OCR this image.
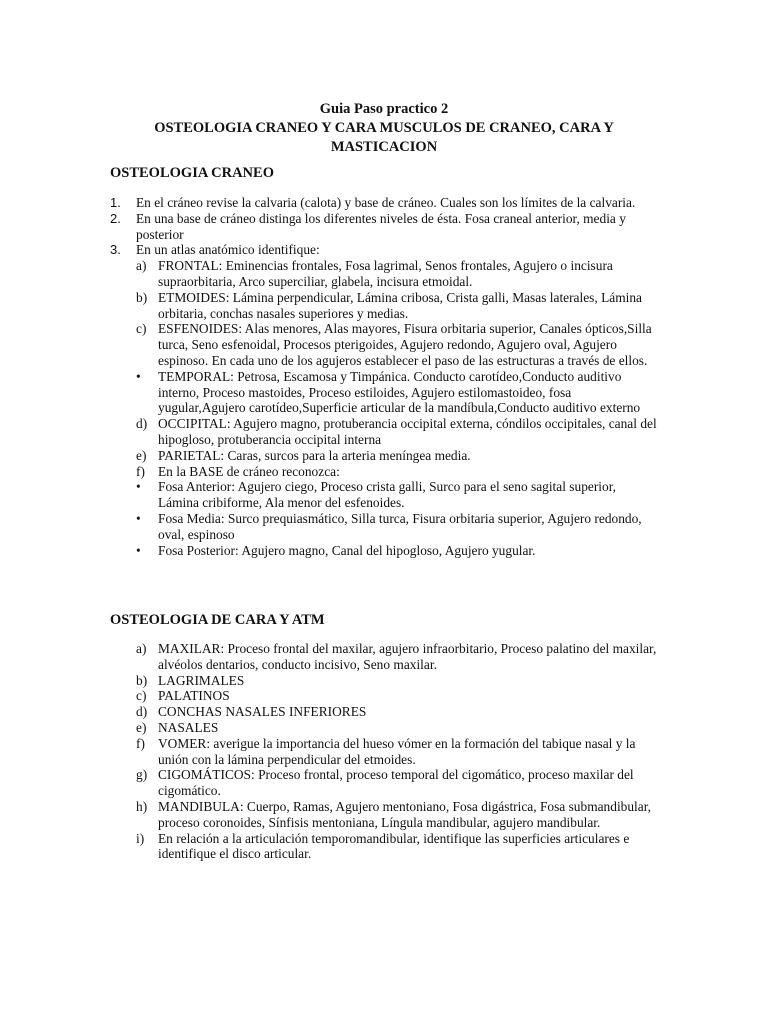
Guia Paso practico 2
OSTEOLOGIA CRANEO Y CARA MUSCULOS DE CRANEO, CARA Y
MASTICACION
OSTEOLOGIA CRANEO
1. En el cráneo revise la calvaria (calota) y base de cráneo. Cuales son los límites de la calvaria.
2. En una base de cráneo distinga los diferentes niveles de ésta. Fosa craneal anterior, media y posterior
3. En un atlas anatómico identifique:
a) FRONTAL: Eminencias frontales, Fosa lagrimal, Senos frontales, Agujero o incisura supraorbitaria, Arco superciliar, glabela, incisura etmoidal.
b) ETMOIDES: Lámina perpendicular, Lámina cribosa, Crista galli, Masas laterales, Lámina orbitaria, conchas nasales superiores y medias.
c) ESFENOIDES: Alas menores, Alas mayores, Fisura orbitaria superior, Canales ópticos,Silla turca, Seno esfenoidal, Procesos pterigoides, Agujero redondo, Agujero oval, Agujero espinoso. En cada uno de los agujeros establecer el paso de las estructuras a través de ellos.
• TEMPORAL: Petrosa, Escamosa y Timpánica. Conducto carotídeo,Conducto auditivo interno, Proceso mastoides, Proceso estiloides, Agujero estilomastoideo, fosa yugular,Agujero carotídeo,Superficie articular de la mandíbula,Conducto auditivo externo
d) OCCIPITAL: Agujero magno, protuberancia occipital externa, cóndilos occipitales, canal del hipogloso, protuberancia occipital interna
e) PARIETAL: Caras, surcos para la arteria meníngea media.
f) En la BASE de cráneo reconozca:
• Fosa Anterior: Agujero ciego, Proceso crista galli, Surco para el seno sagital superior, Lámina cribiforme, Ala menor del esfenoides.
• Fosa Media: Surco prequiasmático, Silla turca, Fisura orbitaria superior, Agujero redondo, oval, espinoso
• Fosa Posterior: Agujero magno, Canal del hipogloso, Agujero yugular.
OSTEOLOGIA DE CARA Y ATM
a) MAXILAR: Proceso frontal del maxilar, agujero infraorbitario, Proceso palatino del maxilar, alvéolos dentarios, conducto incisivo, Seno maxilar.
b) LAGRIMALES
c) PALATINOS
d) CONCHAS NASALES INFERIORES
e) NASALES
f) VOMER: averigue la importancia del hueso vómer en la formación del tabique nasal y la unión con la lámina perpendicular del etmoides.
g) CIGOMÁTICOS: Proceso frontal, proceso temporal del cigomático, proceso maxilar del cigomático.
h) MANDIBULA: Cuerpo, Ramas, Agujero mentoniano, Fosa digástrica, Fosa submandibular, proceso coronoides, Sínfisis mentoniana, Língula mandibular, agujero mandibular.
i) En relación a la articulación temporomandibular, identifique las superficies articulares e identifique el disco articular.
